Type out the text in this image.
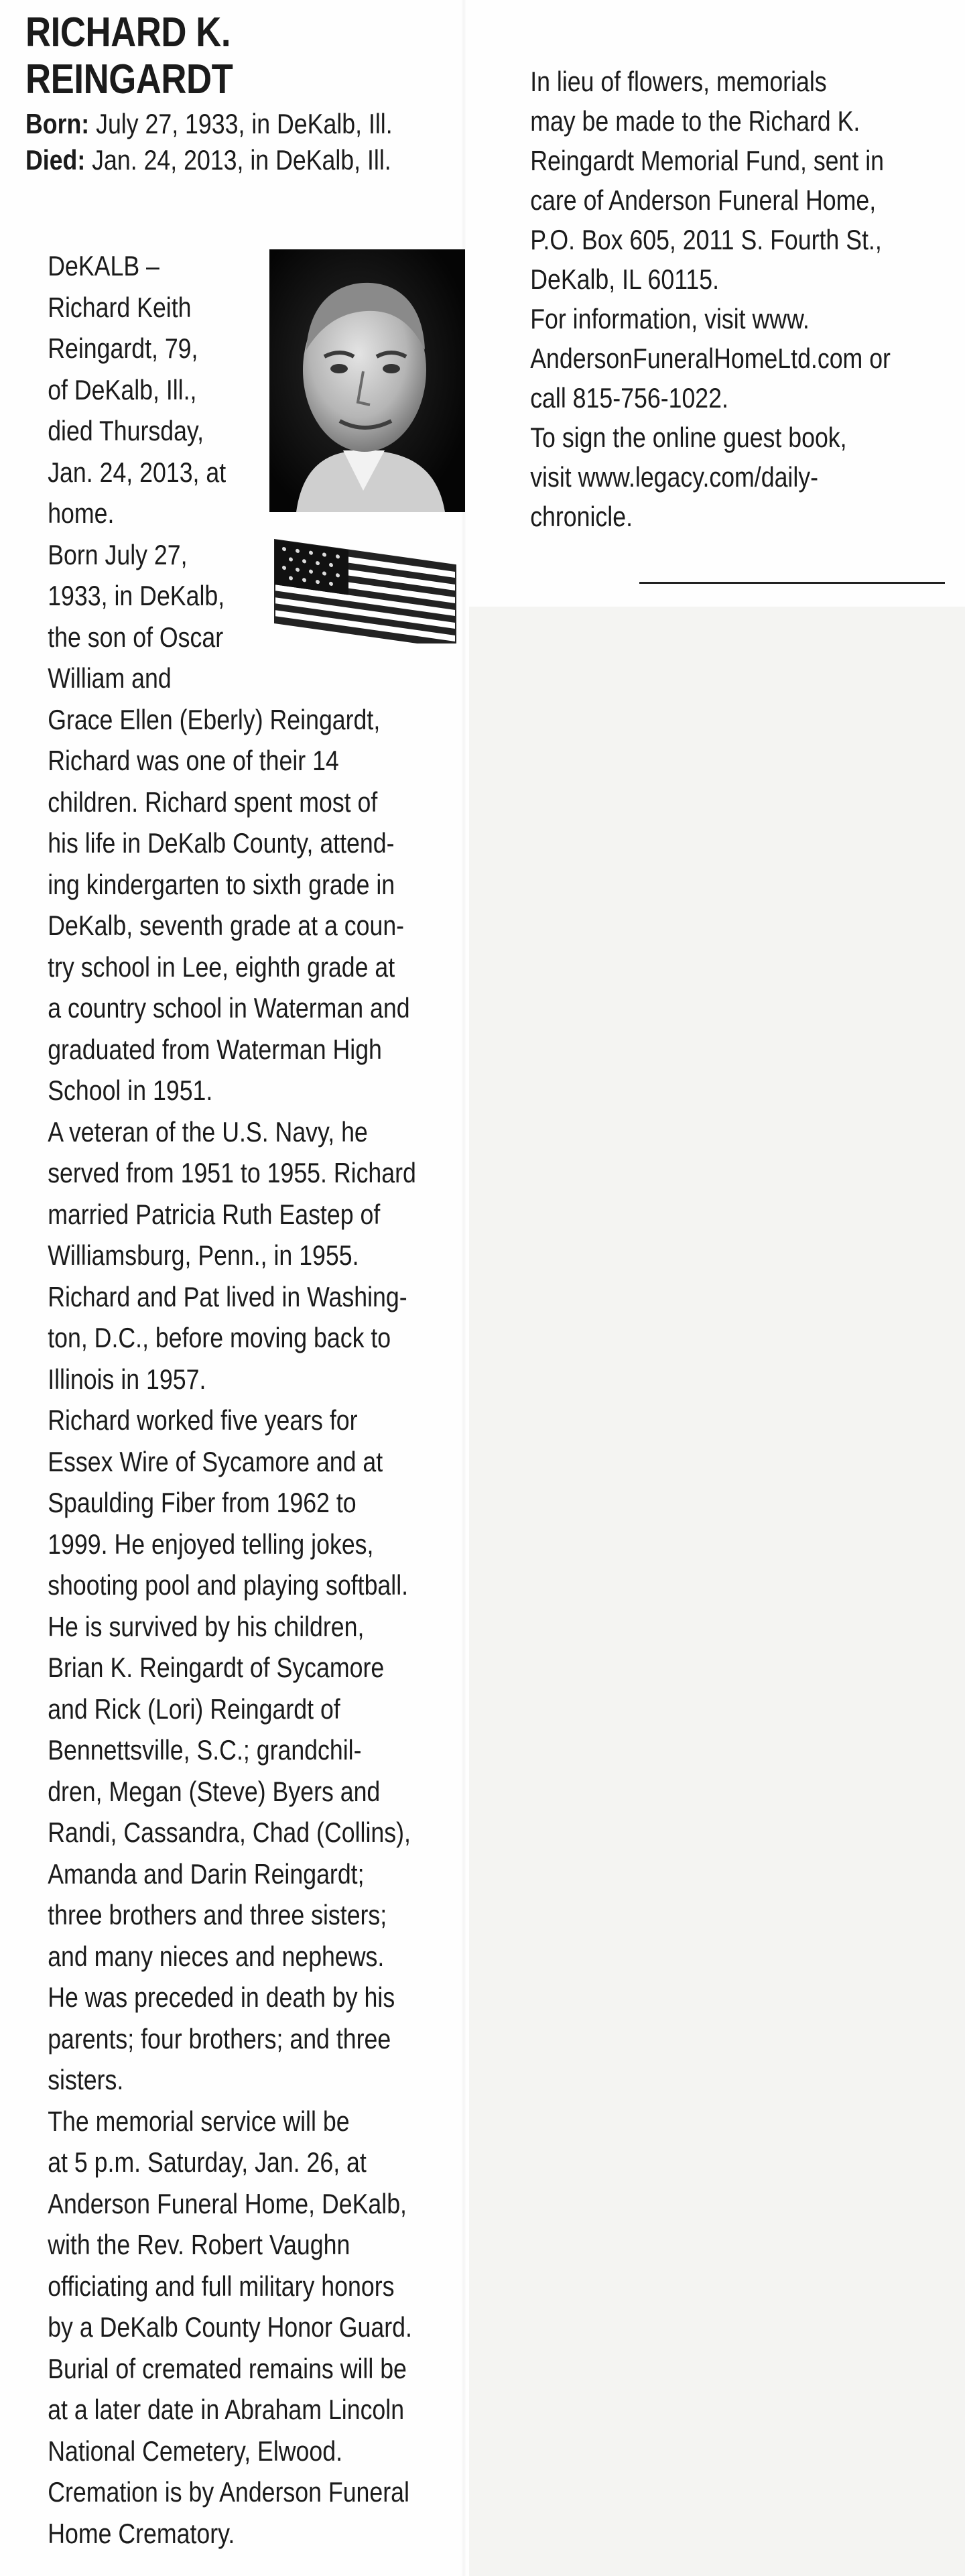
RICHARD K.
REINGARDT
Born: July 27, 1933, in DeKalb, Ill.
Died: Jan. 24, 2013, in DeKalb, Ill.

DeKALB –
Richard Keith
Reingardt, 79,
of DeKalb, Ill.,
died Thursday,
Jan. 24, 2013, at
home.

Born July 27,
1933, in DeKalb,
the son of Oscar
William and
Grace Ellen (Eberly) Reingardt,
Richard was one of their 14
children. Richard spent most of
his life in DeKalb County, attend-
ing kindergarten to sixth grade in
DeKalb, seventh grade at a coun-
try school in Lee, eighth grade at
a country school in Waterman and
graduated from Waterman High
School in 1951.

A veteran of the U.S. Navy, he
served from 1951 to 1955. Richard
married Patricia Ruth Eastep of
Williamsburg, Penn., in 1955.
Richard and Pat lived in Washing-
ton, D.C., before moving back to
Illinois in 1957.

Richard worked five years for
Essex Wire of Sycamore and at
Spaulding Fiber from 1962 to
1999. He enjoyed telling jokes,
shooting pool and playing softball.

He is survived by his children,
Brian K. Reingardt of Sycamore
and Rick (Lori) Reingardt of
Bennettsville, S.C.; grandchil-
dren, Megan (Steve) Byers and
Randi, Cassandra, Chad (Collins),
Amanda and Darin Reingardt;
three brothers and three sisters;
and many nieces and nephews.

He was preceded in death by his
parents; four brothers; and three
sisters.

The memorial service will be
at 5 p.m. Saturday, Jan. 26, at
Anderson Funeral Home, DeKalb,
with the Rev. Robert Vaughn
officiating and full military honors
by a DeKalb County Honor Guard.
Burial of cremated remains will be
at a later date in Abraham Lincoln
National Cemetery, Elwood.
Cremation is by Anderson Funeral
Home Crematory.

In lieu of flowers, memorials
may be made to the Richard K.
Reingardt Memorial Fund, sent in
care of Anderson Funeral Home,
P.O. Box 605, 2011 S. Fourth St.,
DeKalb, IL 60115.

For information, visit www.
AndersonFuneralHomeLtd.com or
call 815-756-1022.

To sign the online guest book,
visit www.legacy.com/daily-
chronicle.
